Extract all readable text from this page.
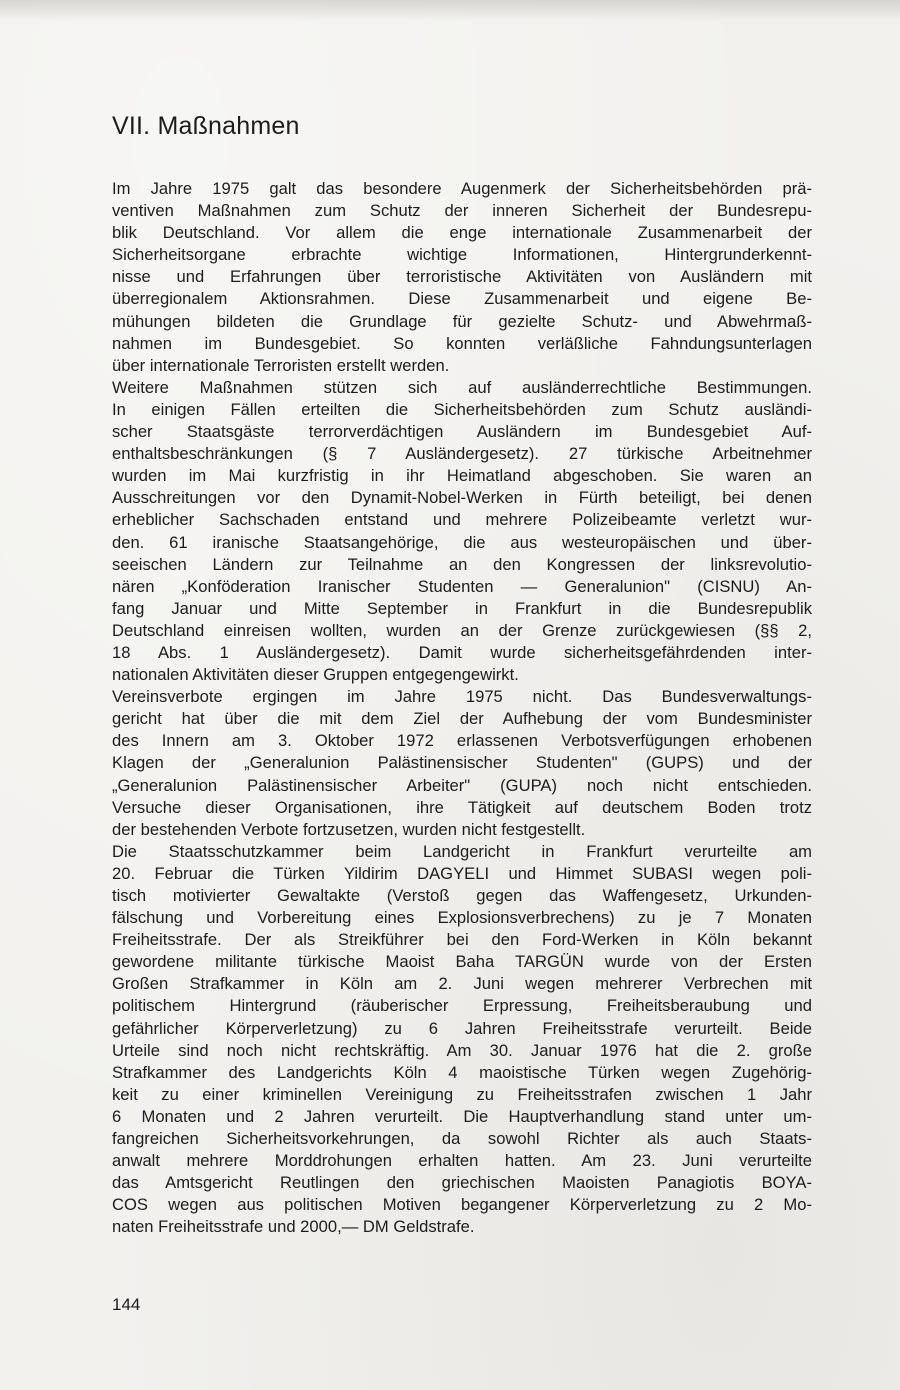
VII. Maßnahmen
Im Jahre 1975 galt das besondere Augenmerk der Sicherheitsbehörden prä-
ventiven Maßnahmen zum Schutz der inneren Sicherheit der Bundesrepu-
blik Deutschland. Vor allem die enge internationale Zusammenarbeit der
Sicherheitsorgane erbrachte wichtige Informationen, Hintergrunderkennt-
nisse und Erfahrungen über terroristische Aktivitäten von Ausländern mit
überregionalem Aktionsrahmen. Diese Zusammenarbeit und eigene Be-
mühungen bildeten die Grundlage für gezielte Schutz- und Abwehrmaß-
nahmen im Bundesgebiet. So konnten verläßliche Fahndungsunterlagen
über internationale Terroristen erstellt werden.
Weitere Maßnahmen stützen sich auf ausländerrechtliche Bestimmungen.
In einigen Fällen erteilten die Sicherheitsbehörden zum Schutz ausländi-
scher Staatsgäste terrorverdächtigen Ausländern im Bundesgebiet Auf-
enthaltsbeschränkungen (§ 7 Ausländergesetz). 27 türkische Arbeitnehmer
wurden im Mai kurzfristig in ihr Heimatland abgeschoben. Sie waren an
Ausschreitungen vor den Dynamit-Nobel-Werken in Fürth beteiligt, bei denen
erheblicher Sachschaden entstand und mehrere Polizeibeamte verletzt wur-
den. 61 iranische Staatsangehörige, die aus westeuropäischen und über-
seeischen Ländern zur Teilnahme an den Kongressen der linksrevolutio-
nären „Konföderation Iranischer Studenten — Generalunion" (CISNU) An-
fang Januar und Mitte September in Frankfurt in die Bundesrepublik
Deutschland einreisen wollten, wurden an der Grenze zurückgewiesen (§§ 2,
18 Abs. 1 Ausländergesetz). Damit wurde sicherheitsgefährdenden inter-
nationalen Aktivitäten dieser Gruppen entgegengewirkt.
Vereinsverbote ergingen im Jahre 1975 nicht. Das Bundesverwaltungs-
gericht hat über die mit dem Ziel der Aufhebung der vom Bundesminister
des Innern am 3. Oktober 1972 erlassenen Verbotsverfügungen erhobenen
Klagen der „Generalunion Palästinensischer Studenten" (GUPS) und der
„Generalunion Palästinensischer Arbeiter" (GUPA) noch nicht entschieden.
Versuche dieser Organisationen, ihre Tätigkeit auf deutschem Boden trotz
der bestehenden Verbote fortzusetzen, wurden nicht festgestellt.
Die Staatsschutzkammer beim Landgericht in Frankfurt verurteilte am
20. Februar die Türken Yildirim DAGYELI und Himmet SUBASI wegen poli-
tisch motivierter Gewaltakte (Verstoß gegen das Waffengesetz, Urkunden-
fälschung und Vorbereitung eines Explosionsverbrechens) zu je 7 Monaten
Freiheitsstrafe. Der als Streikführer bei den Ford-Werken in Köln bekannt
gewordene militante türkische Maoist Baha TARGÜN wurde von der Ersten
Großen Strafkammer in Köln am 2. Juni wegen mehrerer Verbrechen mit
politischem Hintergrund (räuberischer Erpressung, Freiheitsberaubung und
gefährlicher Körperverletzung) zu 6 Jahren Freiheitsstrafe verurteilt. Beide
Urteile sind noch nicht rechtskräftig. Am 30. Januar 1976 hat die 2. große
Strafkammer des Landgerichts Köln 4 maoistische Türken wegen Zugehörig-
keit zu einer kriminellen Vereinigung zu Freiheitsstrafen zwischen 1 Jahr
6 Monaten und 2 Jahren verurteilt. Die Hauptverhandlung stand unter um-
fangreichen Sicherheitsvorkehrungen, da sowohl Richter als auch Staats-
anwalt mehrere Morddrohungen erhalten hatten. Am 23. Juni verurteilte
das Amtsgericht Reutlingen den griechischen Maoisten Panagiotis BOYA-
COS wegen aus politischen Motiven begangener Körperverletzung zu 2 Mo-
naten Freiheitsstrafe und 2000,— DM Geldstrafe.
144
